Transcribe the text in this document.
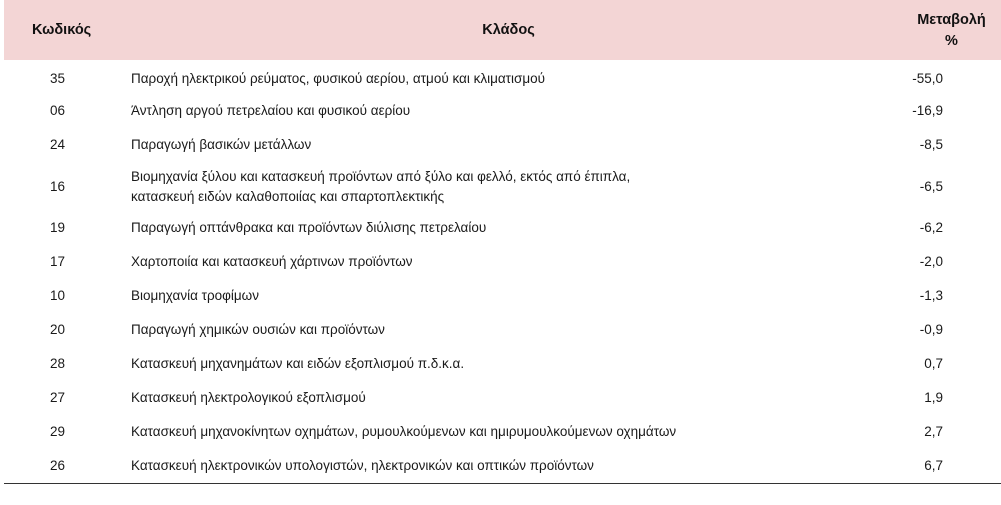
Κωδικός	Κλάδος	Μεταβολή
%
35	Παροχή ηλεκτρικού ρεύματος, φυσικού αερίου, ατμού και κλιματισμού	-55,0
06	Άντληση αργού πετρελαίου και φυσικού αερίου	-16,9
24	Παραγωγή βασικών μετάλλων	-8,5
16	Βιομηχανία ξύλου και κατασκευή προϊόντων από ξύλο και φελλό, εκτός από έπιπλα,
κατασκευή ειδών καλαθοποιίας και σπαρτοπλεκτικής	-6,5
19	Παραγωγή οπτάνθρακα και προϊόντων διύλισης πετρελαίου	-6,2
17	Χαρτοποιία και κατασκευή χάρτινων προϊόντων	-2,0
10	Βιομηχανία τροφίμων	-1,3
20	Παραγωγή χημικών ουσιών και προϊόντων	-0,9
28	Κατασκευή μηχανημάτων και ειδών εξοπλισμού π.δ.κ.α.	0,7
27	Κατασκευή ηλεκτρολογικού εξοπλισμού	1,9
29	Κατασκευή μηχανοκίνητων οχημάτων, ρυμουλκούμενων και ημιρυμουλκούμενων οχημάτων	2,7
26	Κατασκευή ηλεκτρονικών υπολογιστών, ηλεκτρονικών και οπτικών προϊόντων	6,7
